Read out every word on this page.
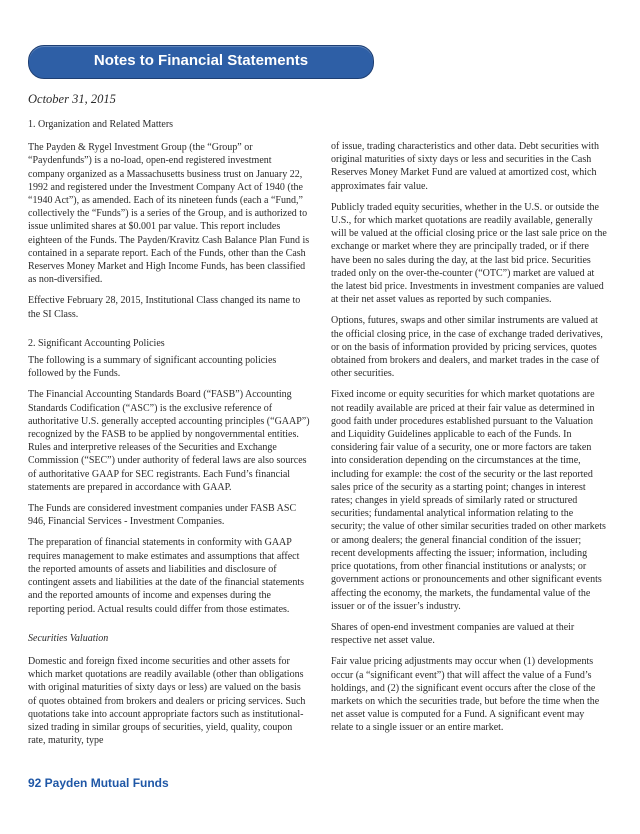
Notes to Financial Statements
October 31, 2015
1. Organization and Related Matters

The Payden & Rygel Investment Group (the “Group” or “Paydenfunds”) is a no-load, open-end registered investment company organized as a Massachusetts business trust on January 22, 1992 and registered under the Investment Company Act of 1940 (the “1940 Act”), as amended. Each of its nineteen funds (each a “Fund,” collectively the “Funds”) is a series of the Group, and is authorized to issue unlimited shares at $0.001 par value. This report includes eighteen of the Funds. The Payden/Kravitz Cash Balance Plan Fund is contained in a separate report. Each of the Funds, other than the Cash Reserves Money Market and High Income Funds, has been classified as non-diversified.

Effective February 28, 2015, Institutional Class changed its name to the SI Class.

2. Significant Accounting Policies

The following is a summary of significant accounting policies followed by the Funds.

The Financial Accounting Standards Board (“FASB”) Accounting Standards Codification (“ASC”) is the exclusive reference of authoritative U.S. generally accepted accounting principles (“GAAP”) recognized by the FASB to be applied by nongovernmental entities. Rules and interpretive releases of the Securities and Exchange Commission (“SEC”) under authority of federal laws are also sources of authoritative GAAP for SEC registrants. Each Fund’s financial statements are prepared in accordance with GAAP.

The Funds are considered investment companies under FASB ASC 946, Financial Services - Investment Companies.

The preparation of financial statements in conformity with GAAP requires management to make estimates and assumptions that affect the reported amounts of assets and liabilities and disclosure of contingent assets and liabilities at the date of the financial statements and the reported amounts of income and expenses during the reporting period. Actual results could differ from those estimates.

Securities Valuation

Domestic and foreign fixed income securities and other assets for which market quotations are readily available (other than obligations with original maturities of sixty days or less) are valued on the basis of quotes obtained from brokers and dealers or pricing services. Such quotations take into account appropriate factors such as institutional-sized trading in similar groups of securities, yield, quality, coupon rate, maturity, type

of issue, trading characteristics and other data. Debt securities with original maturities of sixty days or less and securities in the Cash Reserves Money Market Fund are valued at amortized cost, which approximates fair value.

Publicly traded equity securities, whether in the U.S. or outside the U.S., for which market quotations are readily available, generally will be valued at the official closing price or the last sale price on the exchange or market where they are principally traded, or if there have been no sales during the day, at the last bid price. Securities traded only on the over-the-counter (“OTC”) market are valued at the latest bid price. Investments in investment companies are valued at their net asset values as reported by such companies.

Options, futures, swaps and other similar instruments are valued at the official closing price, in the case of exchange traded derivatives, or on the basis of information provided by pricing services, quotes obtained from brokers and dealers, and market trades in the case of other securities.

Fixed income or equity securities for which market quotations are not readily available are priced at their fair value as determined in good faith under procedures established pursuant to the Valuation and Liquidity Guidelines applicable to each of the Funds. In considering fair value of a security, one or more factors are taken into consideration depending on the circumstances at the time, including for example: the cost of the security or the last reported sales price of the security as a starting point; changes in interest rates; changes in yield spreads of similarly rated or structured securities; fundamental analytical information relating to the security; the value of other similar securities traded on other markets or among dealers; the general financial condition of the issuer; recent developments affecting the issuer; information, including price quotations, from other financial institutions or analysts; or government actions or pronouncements and other significant events affecting the economy, the markets, the fundamental value of the issuer or of the issuer’s industry.

Shares of open-end investment companies are valued at their respective net asset value.

Fair value pricing adjustments may occur when (1) developments occur (a “significant event”) that will affect the value of a Fund’s holdings, and (2) the significant event occurs after the close of the markets on which the securities trade, but before the time when the net asset value is computed for a Fund. A significant event may relate to a single issuer or an entire market.

92 Payden Mutual Funds
